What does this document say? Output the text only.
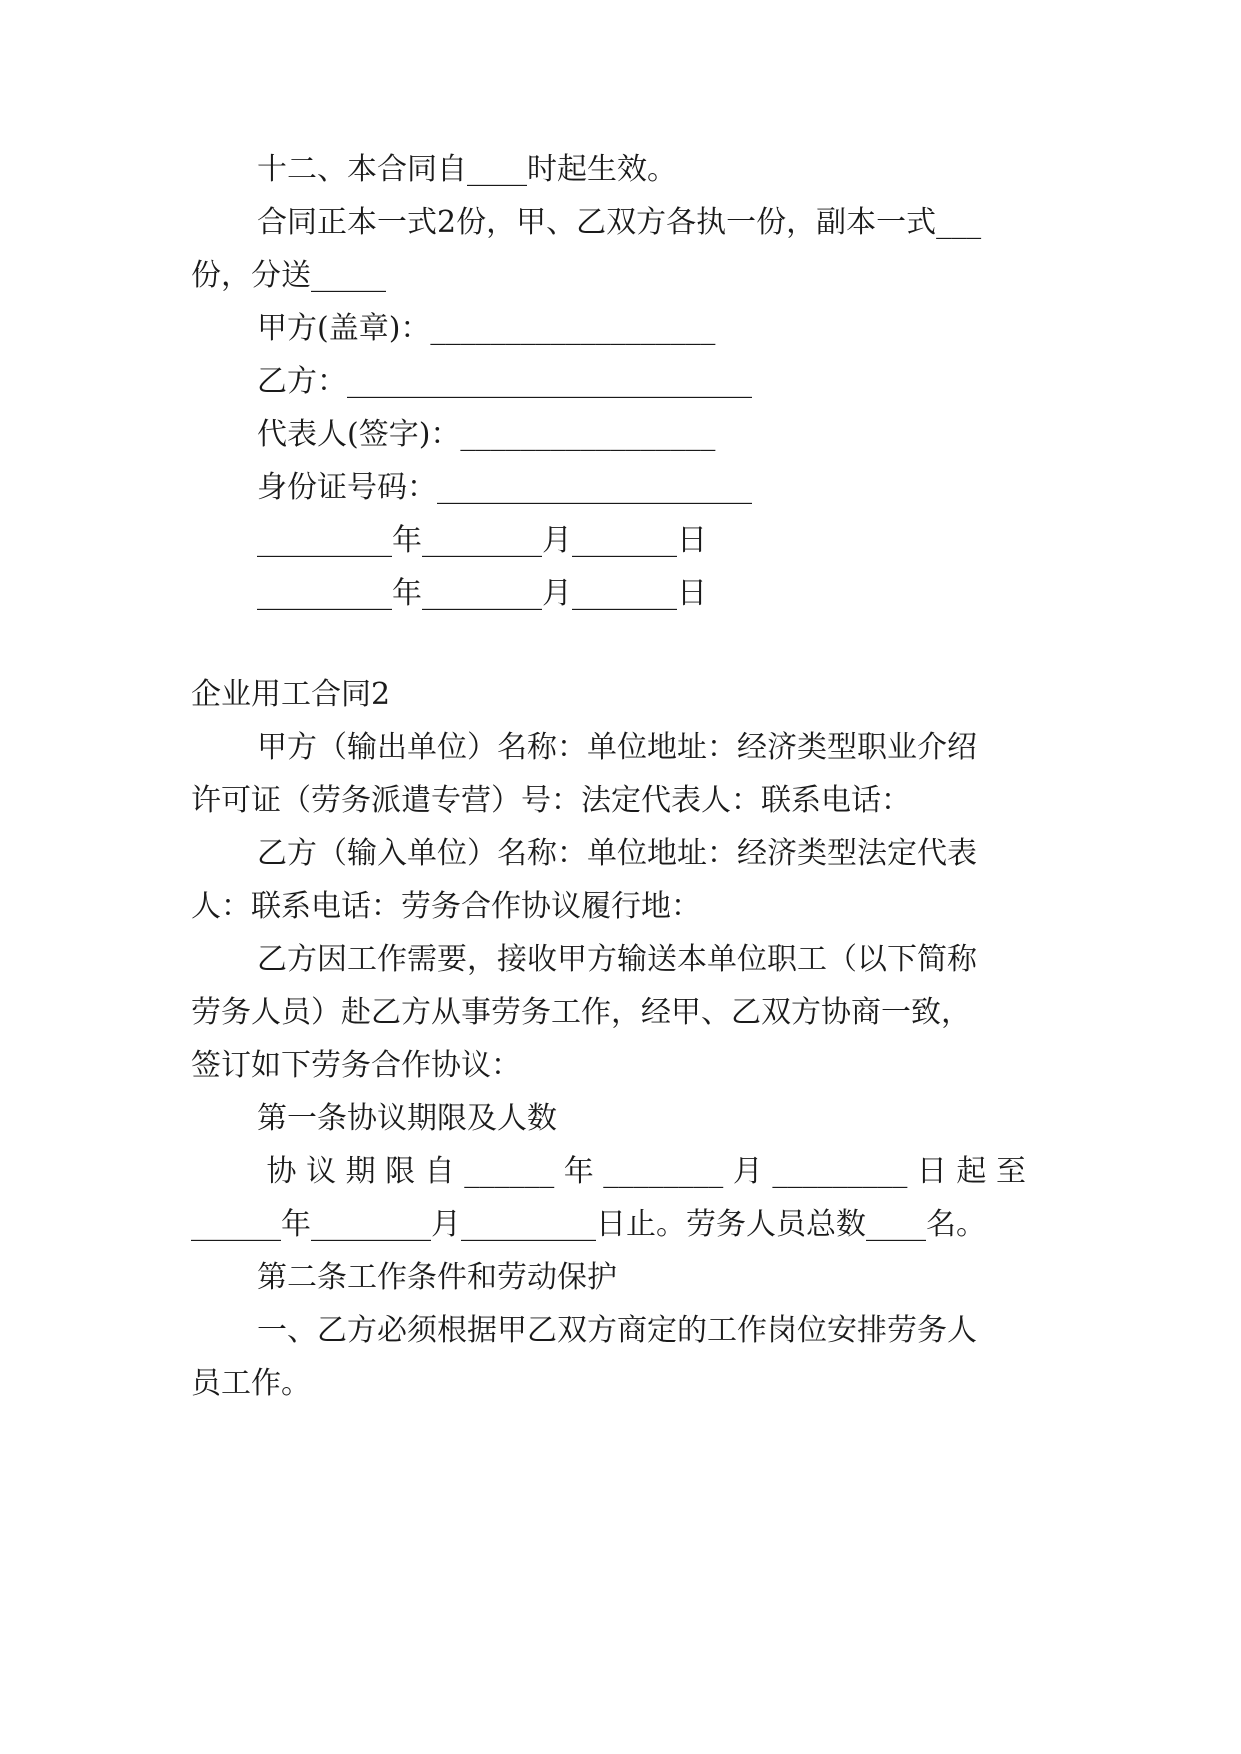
十二、本合同自____时起生效。
合同正本一式2份，甲、乙双方各执一份，副本一式___
份，分送_____
甲方(盖章)：___________________
乙方：___________________________
代表人(签字)：_________________
身份证号码：_____________________
_________年________月_______日
_________年________月_______日
企业用工合同2
甲方（输出单位）名称：单位地址：经济类型职业介绍
许可证（劳务派遣专营）号：法定代表人：联系电话：
乙方（输入单位）名称：单位地址：经济类型法定代表
人：联系电话：劳务合作协议履行地：
乙方因工作需要，接收甲方输送本单位职工（以下简称
劳务人员）赴乙方从事劳务工作，经甲、乙双方协商一致，
签订如下劳务合作协议：
第一条协议期限及人数
协 议 期 限 自 ______ 年 ________ 月 _________ 日 起 至
______年________月_________日止。劳务人员总数____名。
第二条工作条件和劳动保护
一、乙方必须根据甲乙双方商定的工作岗位安排劳务人
员工作。
